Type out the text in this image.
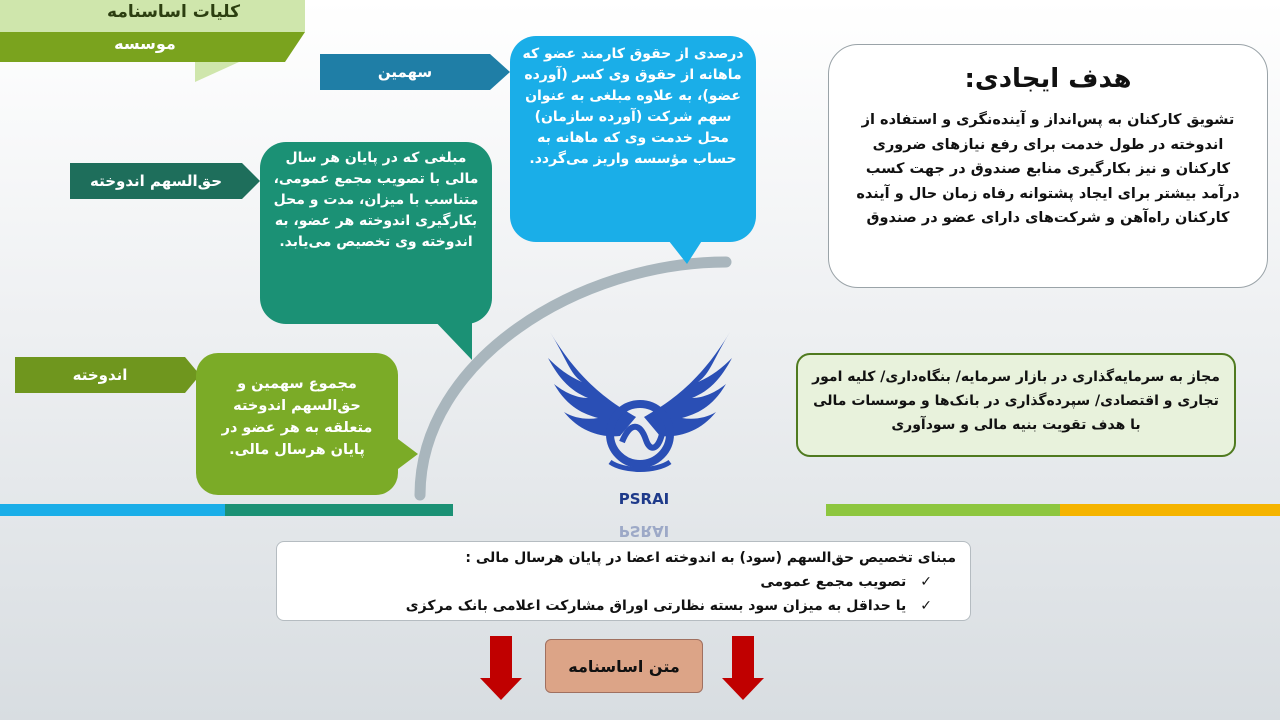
کلیات اساسنامه
موسسه
سهمین
حق‌السهم اندوخته
اندوخته
درصدی از حقوق کارمند عضو که ماهانه از حقوق وی کسر (آورده عضو)، به علاوه مبلغی به عنوان سهم شرکت (آورده سازمان) محل خدمت وی که ماهانه به حساب مؤسسه واریز می‌گردد.
مبلغی که در پایان هر سال مالی با تصویب مجمع عمومی، متناسب با میزان، مدت و محل بکارگیری اندوخته هر عضو، به اندوخته وی تخصیص می‌یابد.
مجموع سهمین و حق‌السهم اندوخته متعلقه به هر عضو در پایان هرسال مالی.
هدف ایجادی:
تشویق کارکنان به پس‌انداز و آینده‌نگری و استفاده از اندوخته در طول خدمت برای رفع نیازهای ضروری کارکنان و نیز بکارگیری منابع صندوق در جهت کسب درآمد بیشتر برای ایجاد پشتوانه رفاه زمان حال و آینده کارکنان راه‌آهن و شرکت‌های دارای عضو در صندوق
مجاز به سرمایه‌گذاری در بازار سرمایه/ بنگاه‌داری/ کلیه امور تجاری و اقتصادی/ سپرده‌گذاری در بانک‌ها و موسسات مالی با هدف تقویت بنیه مالی و سودآوری
PSRAI
PSRAI
مبنای تخصیص حق‌السهم (سود) به اندوخته اعضا در پایان هرسال مالی :
✓
تصویب مجمع عمومی
✓
یا حداقل به میزان سود بسته نظارتی اوراق مشارکت اعلامی بانک مرکزی
متن اساسنامه
